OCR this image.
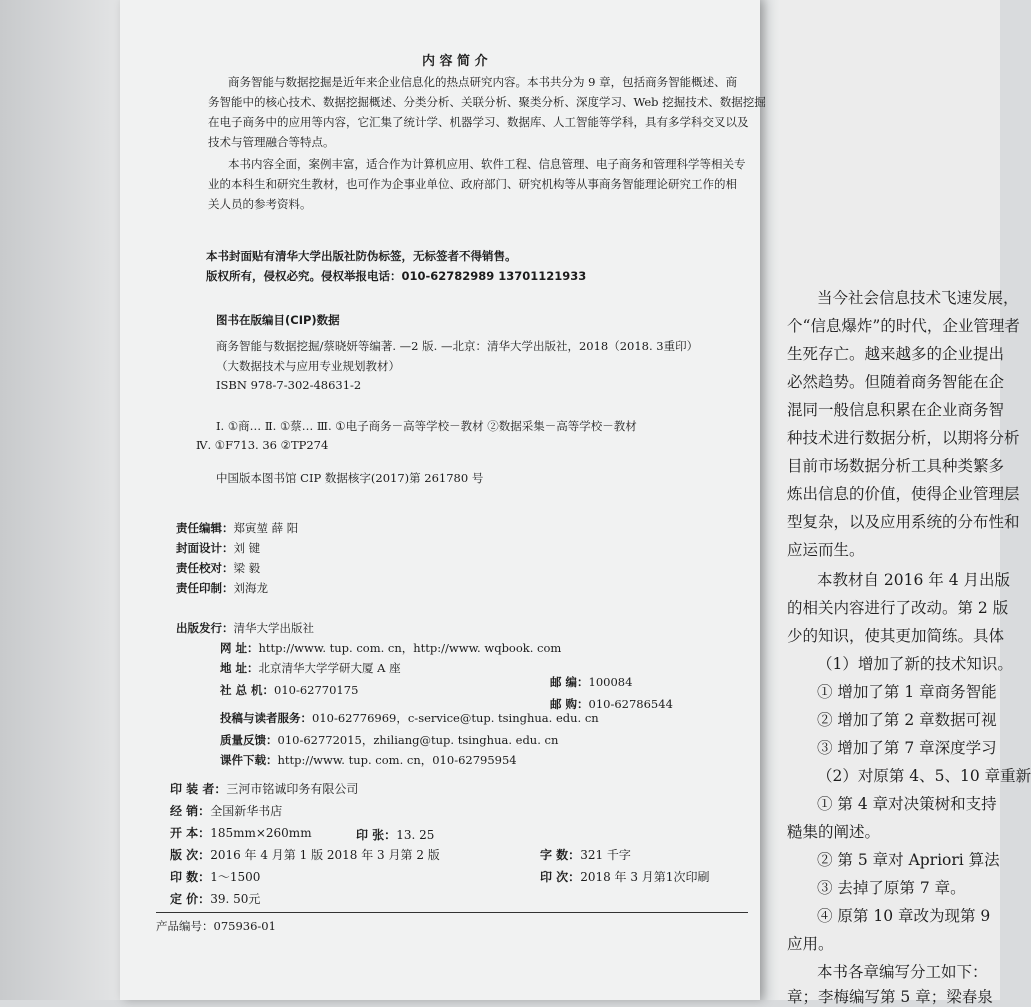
当今社会信息技术飞速发展，
个“信息爆炸”的时代，企业管理者
生死存亡。越来越多的企业提出
必然趋势。但随着商务智能在企
混同一般信息积累在企业商务智
种技术进行数据分析，以期将分析
目前市场数据分析工具种类繁多
炼出信息的价值，使得企业管理层
型复杂，以及应用系统的分布性和
应运而生。
本教材自 2016 年 4 月出版
的相关内容进行了改动。第 2 版
少的知识，使其更加简练。具体
（1）增加了新的技术知识。
① 增加了第 1 章商务智能
② 增加了第 2 章数据可视
③ 增加了第 7 章深度学习
（2）对原第 4、5、10 章重新
① 第 4 章对决策树和支持
糙集的阐述。
② 第 5 章对 Apriori 算法
③ 去掉了原第 7 章。
④ 原第 10 章改为现第 9
应用。
本书各章编写分工如下：
章；李梅编写第 5 章；梁春泉
内 容 简 介
商务智能与数据挖掘是近年来企业信息化的热点研究内容。本书共分为 9 章，包括商务智能概述、商
务智能中的核心技术、数据挖掘概述、分类分析、关联分析、聚类分析、深度学习、Web 挖掘技术、数据挖掘
在电子商务中的应用等内容，它汇集了统计学、机器学习、数据库、人工智能等学科，具有多学科交叉以及
技术与管理融合等特点。
本书内容全面，案例丰富，适合作为计算机应用、软件工程、信息管理、电子商务和管理科学等相关专
业的本科生和研究生教材，也可作为企事业单位、政府部门、研究机构等从事商务智能理论研究工作的相
关人员的参考资料。
本书封面贴有清华大学出版社防伪标签，无标签者不得销售。
版权所有，侵权必究。侵权举报电话：010-62782989 13701121933
图书在版编目(CIP)数据
商务智能与数据挖掘/蔡晓妍等编著. —2 版. —北京：清华大学出版社，2018（2018. 3重印）
（大数据技术与应用专业规划教材）
ISBN 978-7-302-48631-2
Ⅰ. ①商… Ⅱ. ①蔡… Ⅲ. ①电子商务－高等学校－教材 ②数据采集－高等学校－教材
Ⅳ. ①F713. 36 ②TP274
中国版本图书馆 CIP 数据核字(2017)第 261780 号
责任编辑：郑寅堃 薛 阳
封面设计：刘 键
责任校对：梁 毅
责任印制：刘海龙
出版发行：清华大学出版社
网 址：http://www. tup. com. cn，http://www. wqbook. com
地 址：北京清华大学学研大厦 A 座
邮 编：100084
社 总 机：010-62770175
邮 购：010-62786544
投稿与读者服务：010-62776969，c-service@tup. tsinghua. edu. cn
质量反馈：010-62772015，zhiliang@tup. tsinghua. edu. cn
课件下载：http://www. tup. com. cn，010-62795954
印 装 者：三河市铭诚印务有限公司
经 销：全国新华书店
开 本：185mm×260mm	印 张：13. 25
字 数：321 千字
版 次：2016 年 4 月第 1 版 2018 年 3 月第 2 版
印 数：1～1500	印 次：2018 年 3 月第1次印刷
定 价：39. 50元
产品编号：075936-01
